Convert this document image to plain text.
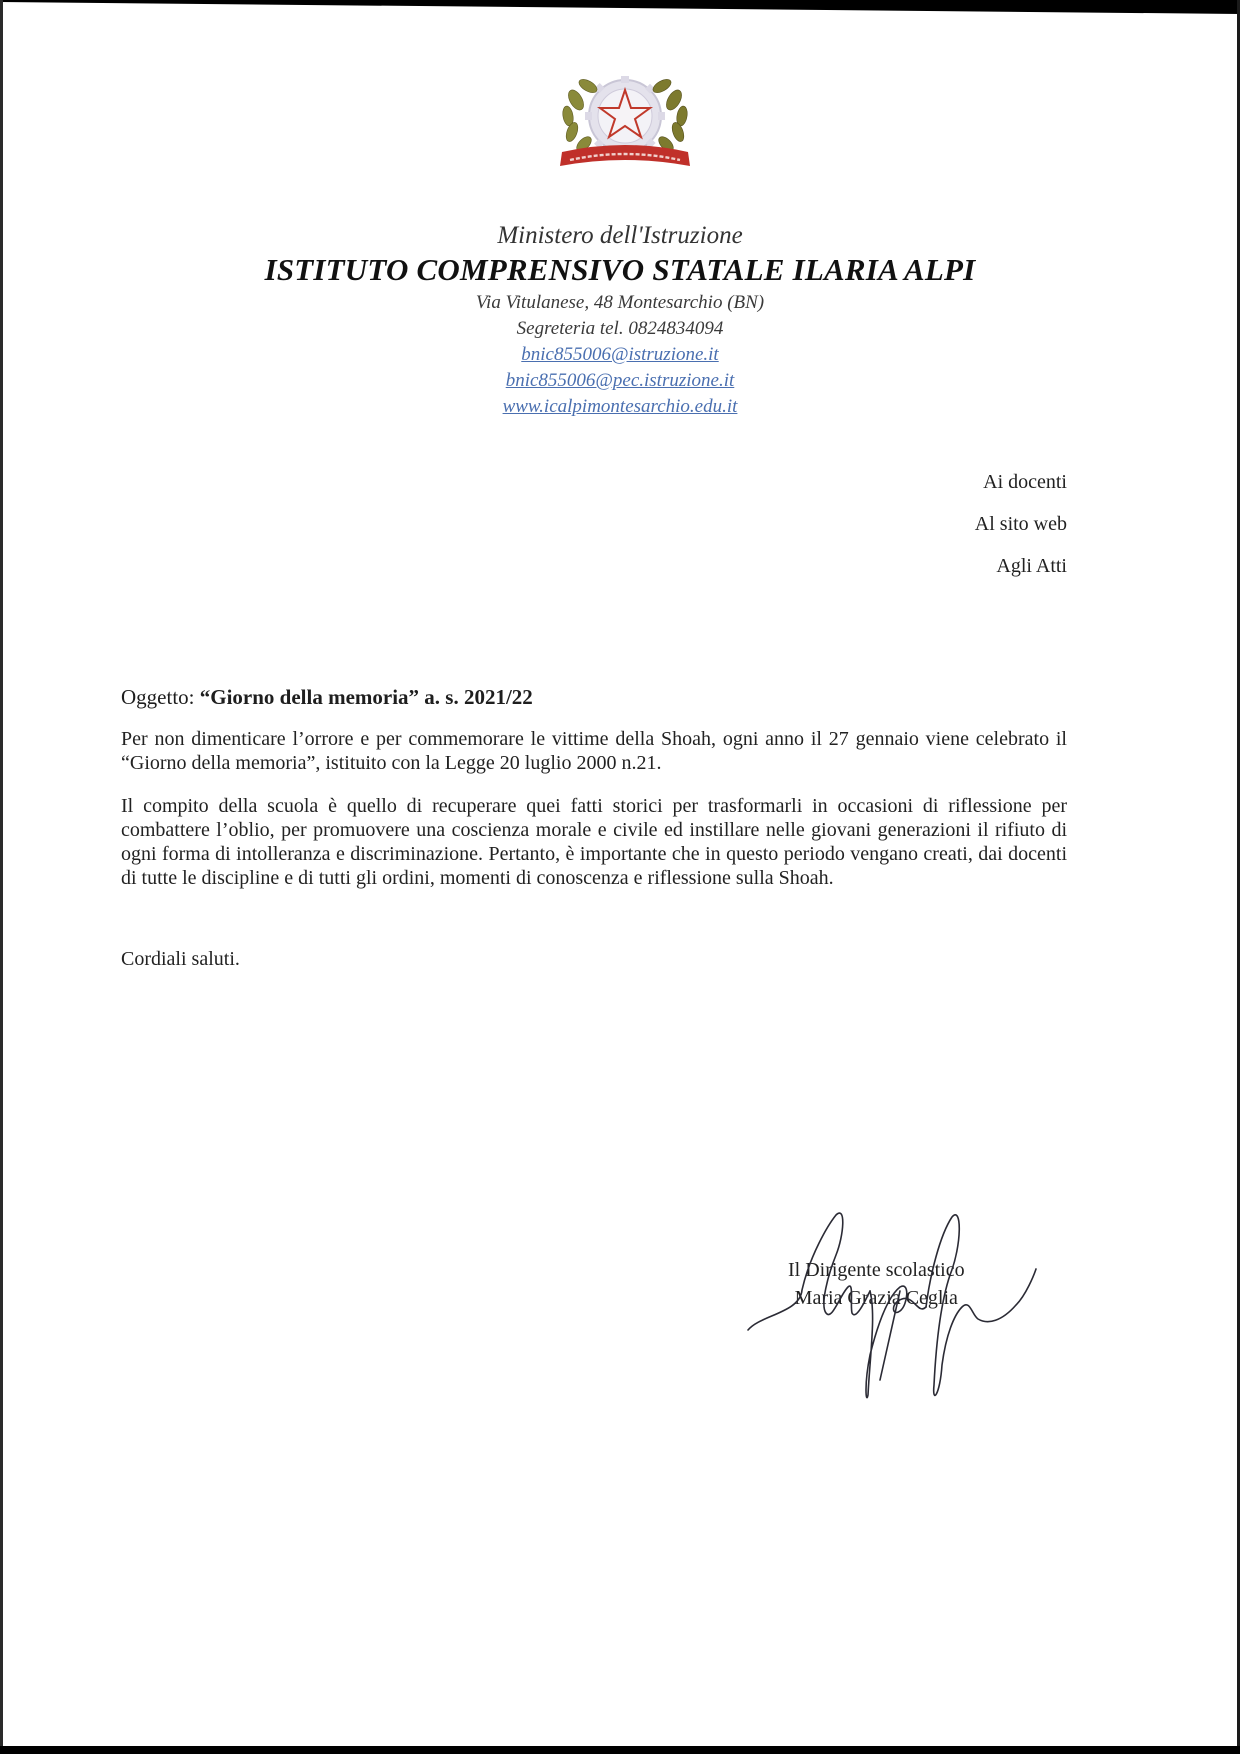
Ministero dell'Istruzione
ISTITUTO COMPRENSIVO STATALE ILARIA ALPI
Via Vitulanese, 48 Montesarchio (BN)
Segreteria tel. 0824834094
bnic855006@istruzione.it
bnic855006@pec.istruzione.it
www.icalpimontesarchio.edu.it
Ai docenti
Al sito web
Agli Atti
Oggetto: “Giorno della memoria” a. s. 2021/22
Per non dimenticare l’orrore e per commemorare le vittime della Shoah, ogni anno il 27 gennaio viene celebrato il “Giorno della memoria”, istituito con la Legge 20 luglio 2000 n.21.
Il compito della scuola è quello di recuperare quei fatti storici per trasformarli in occasioni di riflessione per combattere l’oblio, per promuovere una coscienza morale e civile ed instillare nelle giovani generazioni il rifiuto di ogni forma di intolleranza e discriminazione. Pertanto, è importante che in questo periodo vengano creati, dai docenti di tutte le discipline e di tutti gli ordini, momenti di conoscenza e riflessione sulla Shoah.
Cordiali saluti.
Il Dirigente scolastico
Maria Grazia Ceglia
